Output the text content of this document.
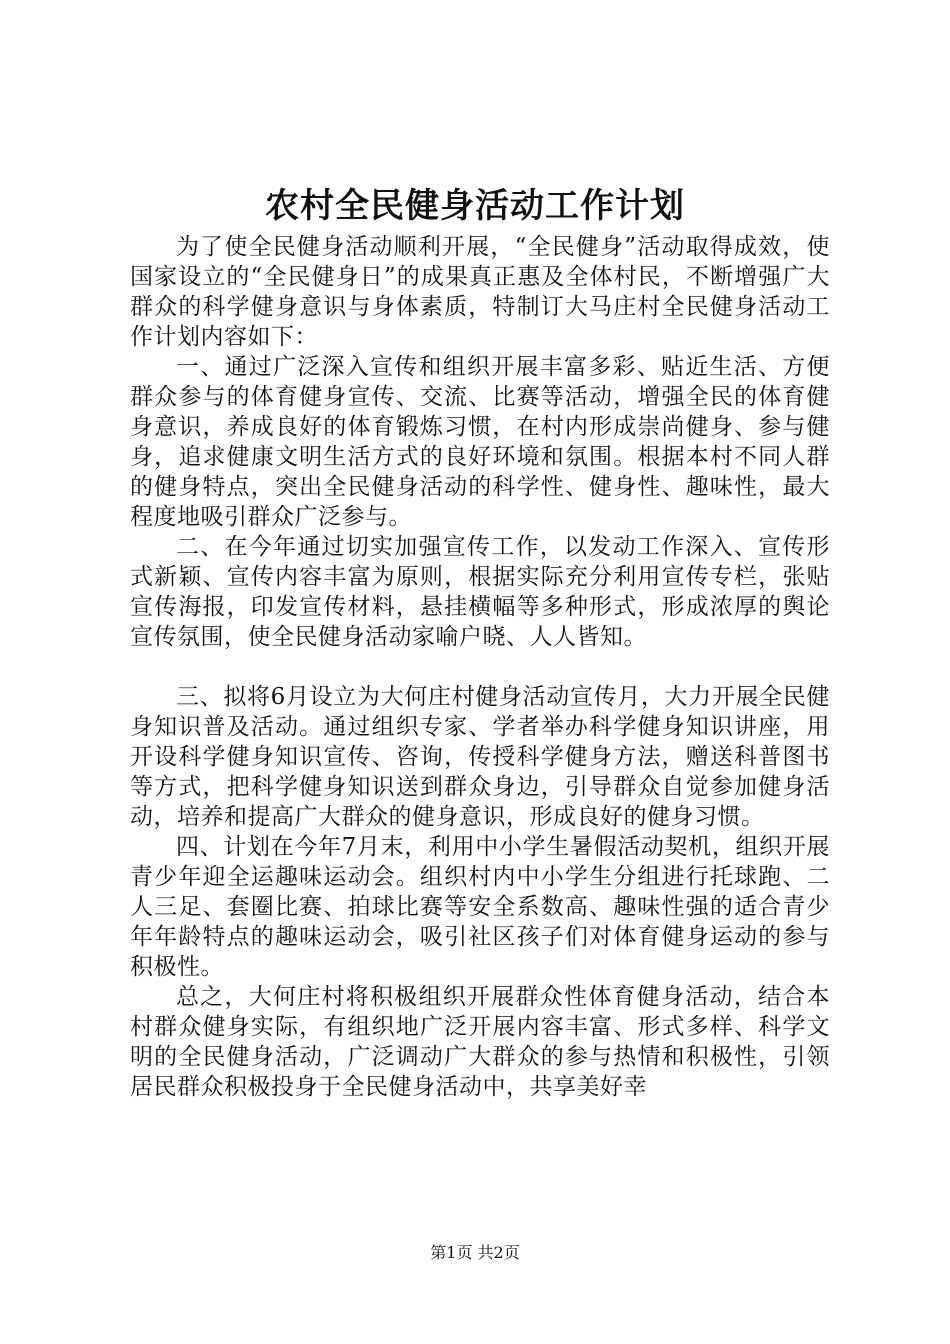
农村全民健身活动工作计划

为了使全民健身活动顺利开展，“全民健身”活动取得成效，使国家设立的“全民健身日”的成果真正惠及全体村民，不断增强广大群众的科学健身意识与身体素质，特制订大马庄村全民健身活动工作计划内容如下：

一、通过广泛深入宣传和组织开展丰富多彩、贴近生活、方便群众参与的体育健身宣传、交流、比赛等活动，增强全民的体育健身意识，养成良好的体育锻炼习惯，在村内形成崇尚健身、参与健身，追求健康文明生活方式的良好环境和氛围。根据本村不同人群的健身特点，突出全民健身活动的科学性、健身性、趣味性，最大程度地吸引群众广泛参与。

二、在今年通过切实加强宣传工作，以发动工作深入、宣传形式新颖、宣传内容丰富为原则，根据实际充分利用宣传专栏，张贴宣传海报，印发宣传材料，悬挂横幅等多种形式，形成浓厚的舆论宣传氛围，使全民健身活动家喻户晓、人人皆知。

三、拟将6月设立为大何庄村健身活动宣传月，大力开展全民健身知识普及活动。通过组织专家、学者举办科学健身知识讲座，用开设科学健身知识宣传、咨询，传授科学健身方法，赠送科普图书等方式，把科学健身知识送到群众身边，引导群众自觉参加健身活动，培养和提高广大群众的健身意识，形成良好的健身习惯。

四、计划在今年7月末，利用中小学生暑假活动契机，组织开展青少年迎全运趣味运动会。组织村内中小学生分组进行托球跑、二人三足、套圈比赛、拍球比赛等安全系数高、趣味性强的适合青少年年龄特点的趣味运动会，吸引社区孩子们对体育健身运动的参与积极性。

总之，大何庄村将积极组织开展群众性体育健身活动，结合本村群众健身实际，有组织地广泛开展内容丰富、形式多样、科学文明的全民健身活动，广泛调动广大群众的参与热情和积极性，引领居民群众积极投身于全民健身活动中，共享美好幸

第1页 共2页
